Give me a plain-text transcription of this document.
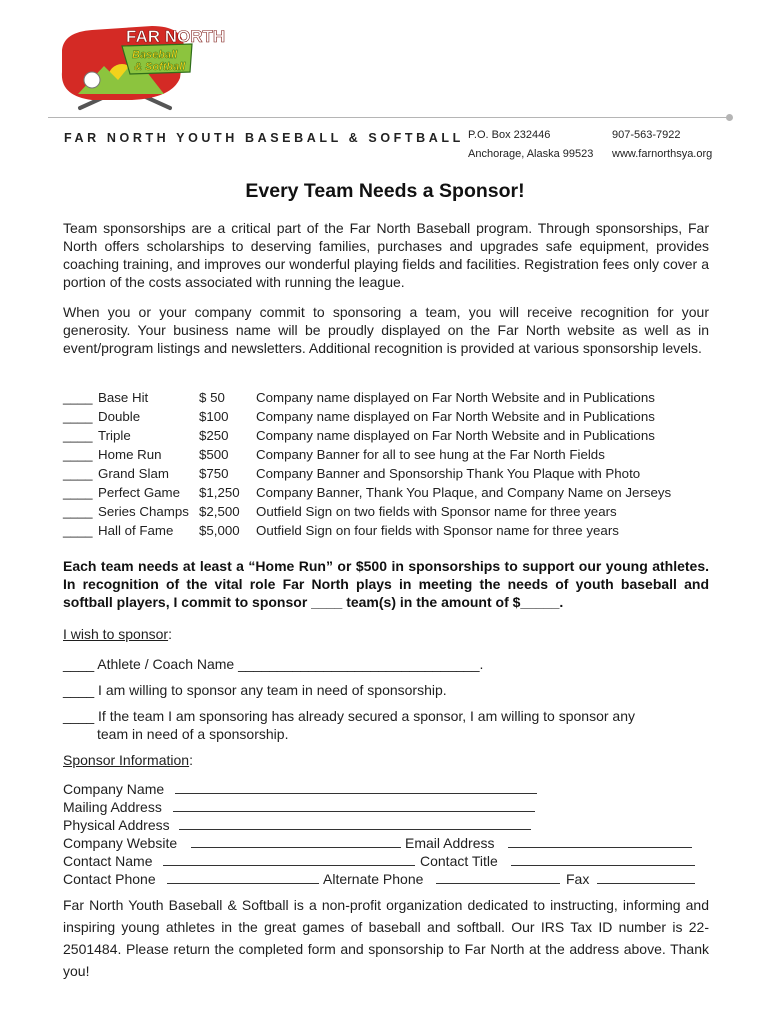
FAR NORTH
Baseball
& Softball
FAR NORTH YOUTH BASEBALL & SOFTBALL P.O. Box 232446
Anchorage, Alaska 99523
907-563-7922
www.farnorthsya.org
Every Team Needs a Sponsor!
Team sponsorships are a critical part of the Far North Baseball program. Through sponsorships, Far North offers scholarships to deserving families, purchases and upgrades safe equipment, provides coaching training, and improves our wonderful playing fields and facilities. Registration fees only cover a portion of the costs associated with running the league.
When you or your company commit to sponsoring a team, you will receive recognition for your generosity. Your business name will be proudly displayed on the Far North website as well as in event/program listings and newsletters. Additional recognition is provided at various sponsorship levels.
____ Base Hit	$ 50 Company name displayed on Far North Website and in Publications
____ Double	$100 Company name displayed on Far North Website and in Publications
____ Triple	$250 Company name displayed on Far North Website and in Publications
____ Home Run	$500 Company Banner for all to see hung at the Far North Fields
____ Grand Slam $750 Company Banner and Sponsorship Thank You Plaque with Photo
____ Perfect Game $1,250 Company Banner, Thank You Plaque, and Company Name on Jerseys
____ Series Champs $2,500 Outfield Sign on two fields with Sponsor name for three years
____ Hall of Fame $5,000 Outfield Sign on four fields with Sponsor name for three years
Each team needs at least a “Home Run” or $500 in sponsorships to support our young athletes. In recognition of the vital role Far North plays in meeting the needs of youth baseball and softball players, I commit to sponsor ____ team(s) in the amount of $_____.
I wish to sponsor:
____ Athlete / Coach Name _______________________________.
____ I am willing to sponsor any team in need of sponsorship.
____ If the team I am sponsoring has already secured a sponsor, I am willing to sponsor any
team in need of a sponsorship.
Sponsor Information:
Company Name
Mailing Address
Physical Address
Company Website	Email Address
Contact Name	Contact Title
Contact Phone	Alternate Phone	Fax
Far North Youth Baseball & Softball is a non-profit organization dedicated to instructing, informing and inspiring young athletes in the great games of baseball and softball. Our IRS Tax ID number is 22-2501484. Please return the completed form and sponsorship to Far North at the address above. Thank you!
